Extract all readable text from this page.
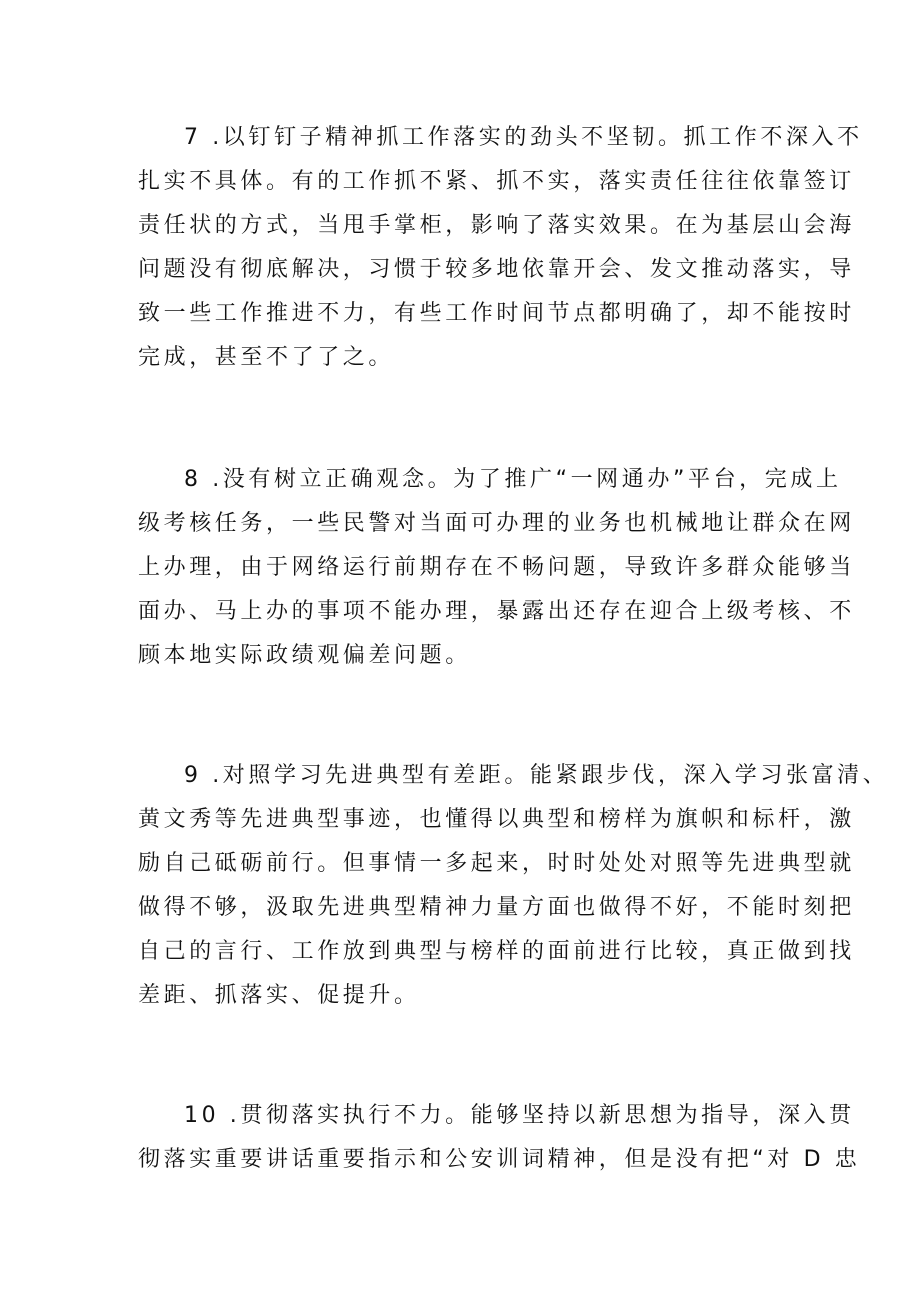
7 .以钉钉子精神抓工作落实的劲头不坚韧。抓工作不深入不
扎实不具体。有的工作抓不紧、抓不实，落实责任往往依靠签订
责任状的方式，当甩手掌柜，影响了落实效果。在为基层山会海
问题没有彻底解决，习惯于较多地依靠开会、发文推动落实，导
致一些工作推进不力，有些工作时间节点都明确了，却不能按时
完成，甚至不了了之。
8 .没有树立正确观念。为了推广“一网通办”平台，完成上
级考核任务，一些民警对当面可办理的业务也机械地让群众在网
上办理，由于网络运行前期存在不畅问题，导致许多群众能够当
面办、马上办的事项不能办理，暴露出还存在迎合上级考核、不
顾本地实际政绩观偏差问题。
9 .对照学习先进典型有差距。能紧跟步伐，深入学习张富清、
黄文秀等先进典型事迹，也懂得以典型和榜样为旗帜和标杆，激
励自己砥砺前行。但事情一多起来，时时处处对照等先进典型就
做得不够，汲取先进典型精神力量方面也做得不好，不能时刻把
自己的言行、工作放到典型与榜样的面前进行比较，真正做到找
差距、抓落实、促提升。
10 .贯彻落实执行不力。能够坚持以新思想为指导，深入贯
彻落实重要讲话重要指示和公安训词精神，但是没有把“对 D 忠
